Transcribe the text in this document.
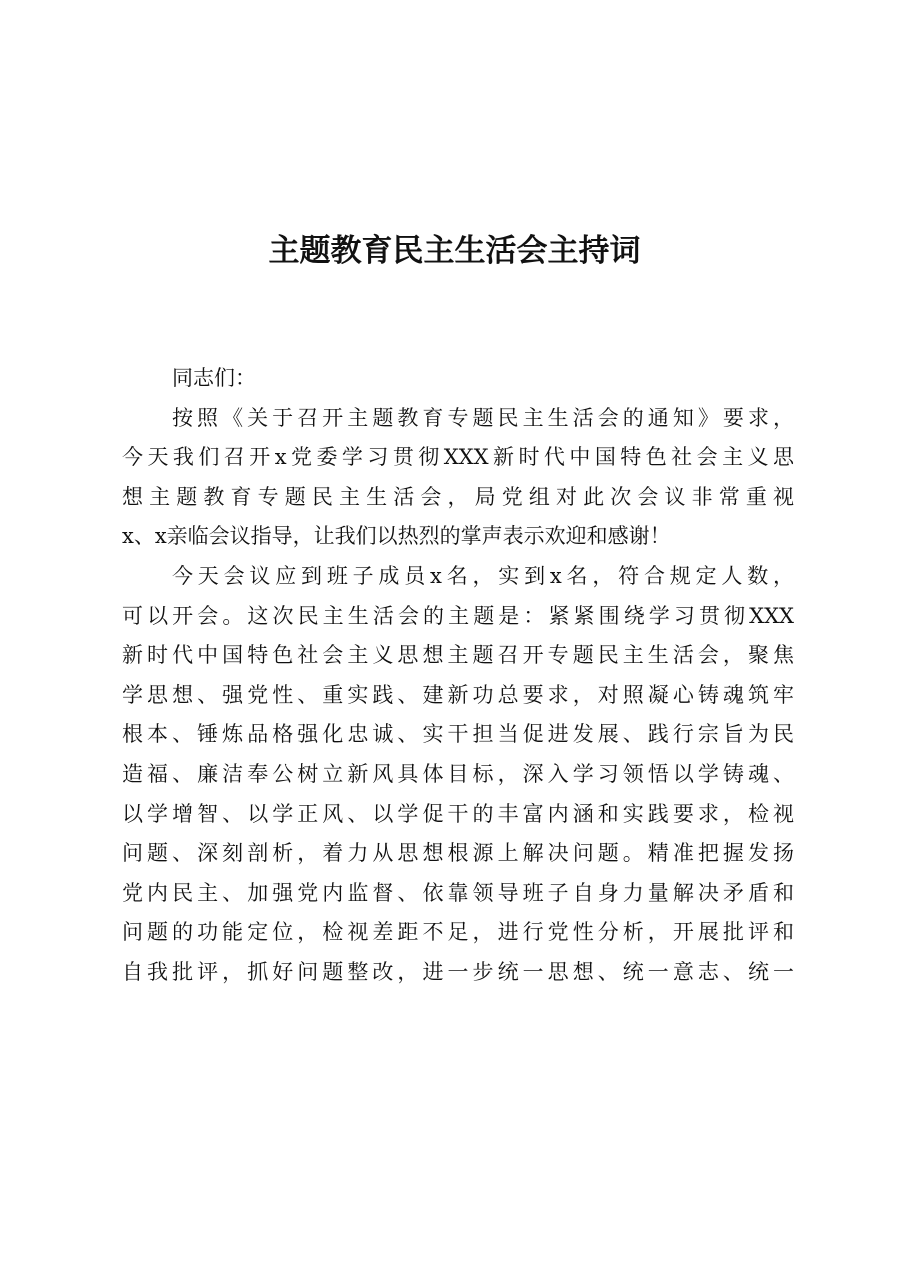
主题教育民主生活会主持词
同志们：
按照《关于召开主题教育专题民主生活会的通知》要求，
今天我们召开x党委学习贯彻XXX新时代中国特色社会主义思
想主题教育专题民主生活会，局党组对此次会议非常重视
x、x亲临会议指导，让我们以热烈的掌声表示欢迎和感谢！
今天会议应到班子成员x名，实到x名，符合规定人数，
可以开会。这次民主生活会的主题是：紧紧围绕学习贯彻XXX
新时代中国特色社会主义思想主题召开专题民主生活会，聚焦
学思想、强党性、重实践、建新功总要求，对照凝心铸魂筑牢
根本、锤炼品格强化忠诚、实干担当促进发展、践行宗旨为民
造福、廉洁奉公树立新风具体目标，深入学习领悟以学铸魂、
以学增智、以学正风、以学促干的丰富内涵和实践要求，检视
问题、深刻剖析，着力从思想根源上解决问题。精准把握发扬
党内民主、加强党内监督、依靠领导班子自身力量解决矛盾和
问题的功能定位，检视差距不足，进行党性分析，开展批评和
自我批评，抓好问题整改，进一步统一思想、统一意志、统一
